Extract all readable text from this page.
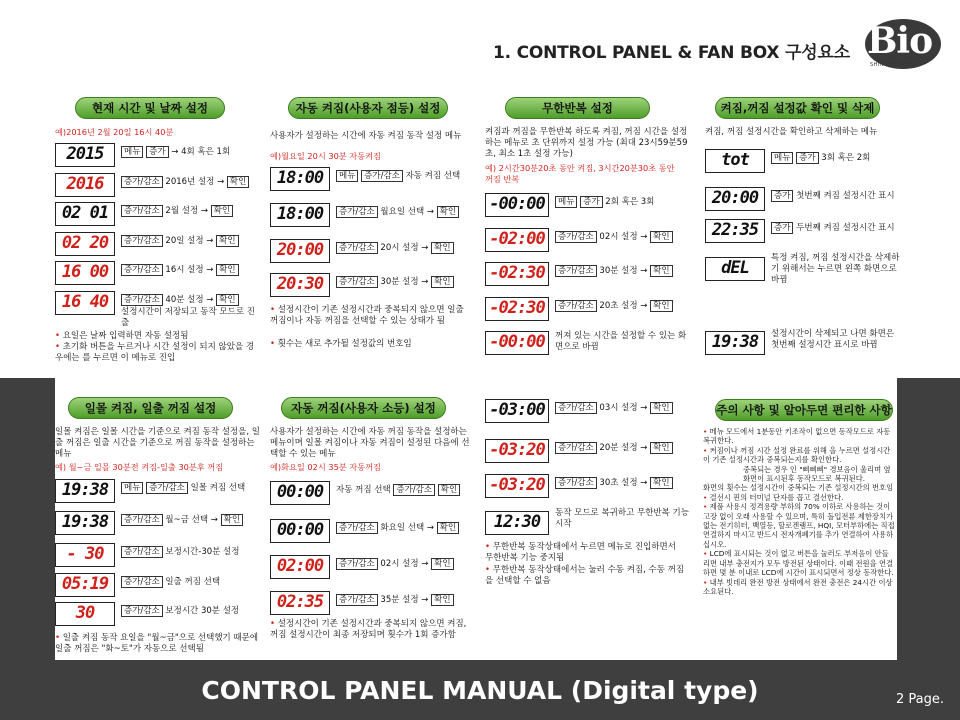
1. CONTROL PANEL & FAN BOX 구성요소 Bio
SHIN BIO TECH.
현재 시간 및 날짜 설정
예)2016년 2월 20일 16시 40분
2015	메뉴 증가 → 4회 혹은 1회
2016	증가/감소 2016년 설정 → 확인
02 01	증가/감소 2월 설정 → 확인
02 20	증가/감소 20일 설정 → 확인
16 00	증가/감소 16시 설정 → 확인
16 40	증가/감소 40분 설정 → 확인
설정시간이 저장되고 동작 모드로 진출
• 요일은 날짜 입력하면 자동 설정됨
• 초기화 버튼을 누르거나 시간 설정이 되지 않았을 경우에는 를 누르면 이 메뉴로 진입
자동 켜짐(사용자 점등) 설정
사용자가 설정하는 시간에 자동 켜짐 동작 설정 메뉴
예)월요일 20시 30분 자동켜짐
18:00	메뉴 증가/감소 자동 켜짐 선택
18:00	증가/감소 월요일 선택 → 확인
20:00	증가/감소 20시 설정 → 확인
20:30	증가/감소 30분 설정 → 확인
• 설정시간이 기존 설정시간과 중복되지 않으면 일출 꺼짐이나 자동 꺼짐을 선택할 수 있는 상태가 됨
• 횟수는 새로 추가될 설정값의 번호임
무한반복 설정
켜짐과 꺼짐을 무한반복 하도록 켜짐, 꺼짐 시간을 설정하는 메뉴로 초 단위까지 설정 가능 (최대 23시59분59초, 최소 1초 설정 가능)
예) 2시간30분20초 동안 켜짐, 3시간20분30초 동안 꺼짐 반복
-00:00	메뉴 증가 2회 혹은 3회
-02:00	증가/감소 02시 설정 → 확인
-02:30	증가/감소 30분 설정 → 확인
-02:30	증가/감소 20초 설정 → 확인
-00:00	꺼져 있는 시간을 설정할 수 있는 화면으로 바뀜
켜짐,꺼짐 설정값 확인 및 삭제
켜짐, 꺼짐 설정시간을 확인하고 삭제하는 메뉴
tot	메뉴 증가 3회 혹은 2회
20:00	증가 첫번째 켜짐 설정시간 표시
22:35	증가 두번째 켜짐 설정시간 표시
dEL	특정 켜짐, 꺼짐 설정시간을 삭제하기 위해서는 누르면 왼쪽 화면으로 바뀜
19:38	설정시간이 삭제되고 나면 화면은 첫번째 설정시간 표시로 바뀜
일몰 켜짐, 일출 꺼짐 설정
일몰 켜짐은 일몰 시간을 기준으로 켜짐 동작 설정을, 일출 꺼짐은 일출 시간을 기준으로 꺼짐 동작을 설정하는 메뉴
예) 월~금 일몰 30분전 켜짐-일출 30분후 꺼짐
19:38	메뉴 증가/감소 일몰 켜짐 선택
19:38	증가/감소 월~금 선택 → 확인
- 30	증가/감소 보정시간-30분 설정
05:19	증가/감소 일출 꺼짐 선택
30	증가/감소 보정시간 30분 설정
• 일출 켜짐 동작 요일을 "월~금"으로 선택했기 때문에 일출 꺼짐은 "화~토"가 자동으로 선택됨
자동 꺼짐(사용자 소등) 설정
사용자가 설정하는 시간에 자동 꺼짐 동작을 설정하는 메뉴이며 일몰 켜짐이나 자동 켜짐이 설정된 다음에 선택할 수 있는 메뉴
예)화요일 02시 35분 자동꺼짐
00:00	자동 꺼짐 선택 증가/감소 확인
00:00	증가/감소 화요일 선택 → 확인
02:00	증가/감소 02시 설정 → 확인
02:35	증가/감소 35분 설정 → 확인
• 설정시간이 기존 설정시간과 중복되지 않으면 켜짐, 꺼짐 설정시간이 최종 저장되며 횟수가 1회 증가함
-03:00	증가/감소 03시 설정 → 확인
-03:20	증가/감소 20분 설정 → 확인
-03:20	증가/감소 30초 설정 → 확인
12:30	동작 모드로 복귀하고 무한반복 기능 시작
• 무한반복 동작상태에서 누르면 메뉴로 진입하면서 무한반복 기능 중지됨
• 무한반복 동작상태에서는 눌러 수동 켜짐, 수동 꺼짐을 선택할 수 없음
주의 사항 및 알아두면 편리한 사항
• 메뉴 모드에서 1분동안 키조작이 없으면 동작모드로 자동 복귀한다.
• 켜짐이나 꺼짐 시간 설정 완료를 위해 을 누르면 설정시간이 기존 설정시간과 중복되는지를 확인한다.
중복되는 경우 인 "삐삐삐" 경보음이 울리며 옆 화면이 표시된후 동작모드로 복귀된다.
화면의 횟수는 설정시간이 중복되는 기존 설정시간의 번호임
• 결선시 핀의 터미널 단자를 꼽고 결선한다.
• 제품 사용시 정격용량 부하의 70% 이하로 사용하는 것이 고장 없이 오래 사용할 수 있으며, 특히 돌입전류 제한장치가 없는 전기히터, 백열등, 할로겐램프, HQI, 모터부하에는 직접 연결하지 마시고 반드시 전자개폐기를 추가 연결하여 사용하십시오.
• LCD에 표시되는 것이 없고 버튼을 눌러도 부저음이 안들리면 내부 충전지가 모두 방전된 상태이다. 이때 전원을 연결하면 몇 분 이내로 LCD에 시간이 표시되면서 정상 동작한다.
• 내부 빗데리 완전 방전 상태에서 완전 충전은 24시간 이상 소요된다.
CONTROL PANEL MANUAL (Digital type)	2 Page.
